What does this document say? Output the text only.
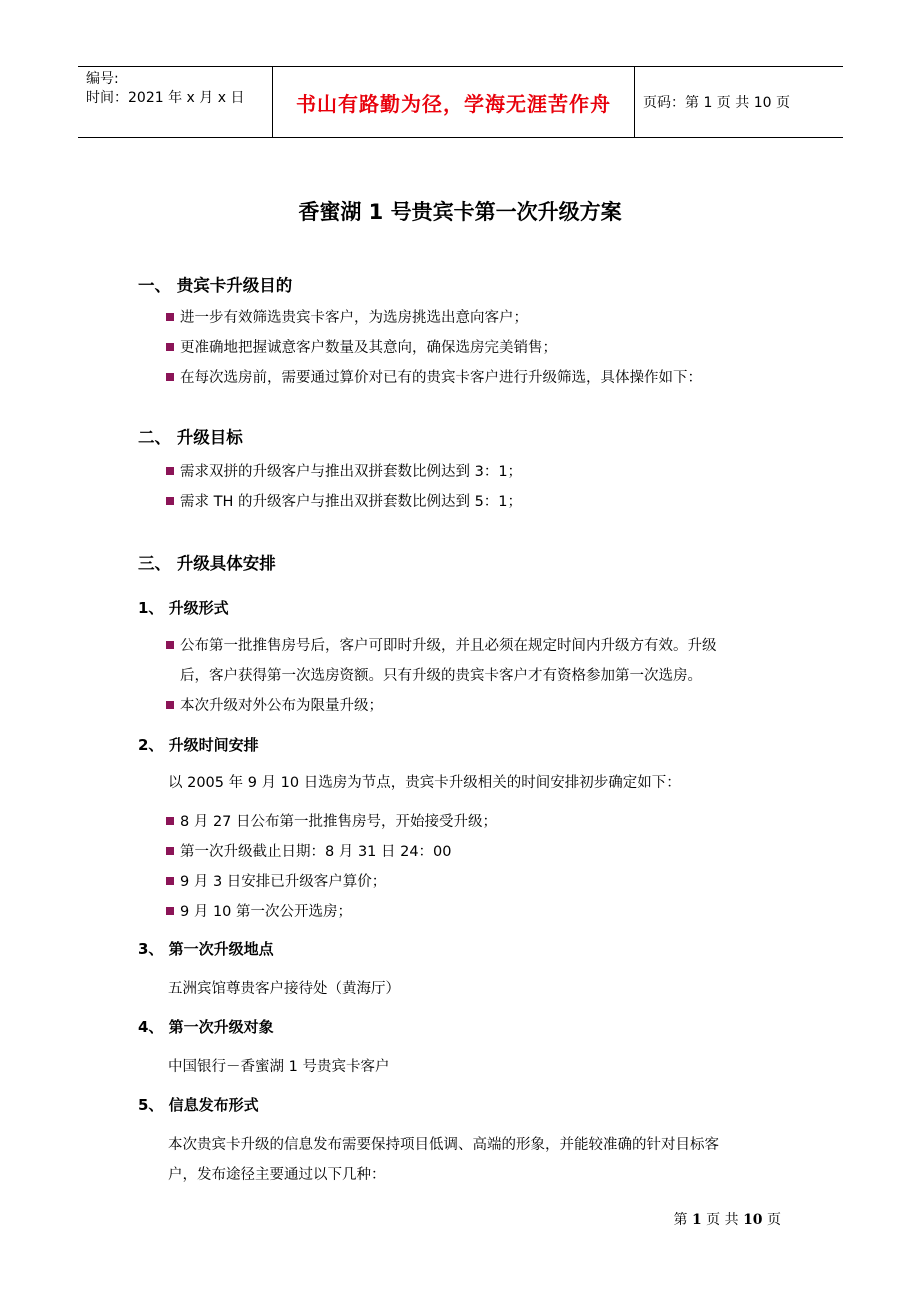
编号:
时间：2021 年 x 月 x 日	书山有路勤为径，学海无涯苦作舟	页码：第 1 页 共 10 页
香蜜湖 1 号贵宾卡第一次升级方案
一、 贵宾卡升级目的
进一步有效筛选贵宾卡客户，为选房挑选出意向客户；
更准确地把握诚意客户数量及其意向，确保选房完美销售；
在每次选房前，需要通过算价对已有的贵宾卡客户进行升级筛选，具体操作如下：
二、 升级目标
需求双拼的升级客户与推出双拼套数比例达到 3：1；
需求 TH 的升级客户与推出双拼套数比例达到 5：1；
三、 升级具体安排
1、 升级形式
公布第一批推售房号后，客户可即时升级，并且必须在规定时间内升级方有效。升级
后，客户获得第一次选房资额。只有升级的贵宾卡客户才有资格参加第一次选房。
本次升级对外公布为限量升级；
2、 升级时间安排
以 2005 年 9 月 10 日选房为节点，贵宾卡升级相关的时间安排初步确定如下：
8 月 27 日公布第一批推售房号，开始接受升级；
第一次升级截止日期：8 月 31 日 24：00
9 月 3 日安排已升级客户算价；
9 月 10 第一次公开选房；
3、 第一次升级地点
五洲宾馆尊贵客户接待处（黄海厅）
4、 第一次升级对象
中国银行－香蜜湖 1 号贵宾卡客户
5、 信息发布形式
本次贵宾卡升级的信息发布需要保持项目低调、高端的形象，并能较准确的针对目标客
户，发布途径主要通过以下几种：
第 1 页 共 10 页
